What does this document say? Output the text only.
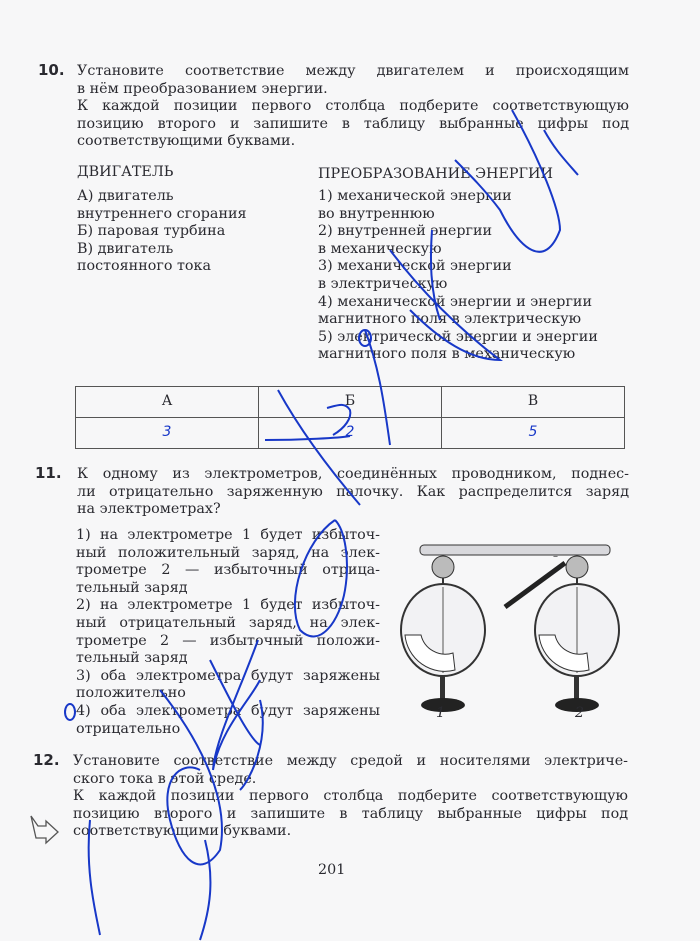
10. Установите соответствие между двигателем и происходящим
в нём преобразованием энергии.
К каждой позиции первого столбца подберите соответствующую
позицию второго и запишите в таблицу выбранные цифры под
соответствующими буквами.
ДВИГАТЕЛЬ	ПРЕОБРАЗОВАНИЕ ЭНЕРГИИ
А) двигатель
внутреннего сгорания
Б) паровая турбина
В) двигатель
постоянного тока
1) механической энергии
во внутреннюю
2) внутренней энергии
в механическую
3) механической энергии
в электрическую
4) механической энергии и энергии
магнитного поля в электрическую
5) электрической энергии и энергии
магнитного поля в механическую
А	Б	В
3	2	5
11. К одному из электрометров, соединённых проводником, поднес-
ли отрицательно заряженную палочку. Как распределится заряд
на электрометрах?
1) на электрометре 1 будет избыточ-
ный положительный заряд, на элек-
трометре 2 — избыточный отрица-
тельный заряд
2) на электрометре 1 будет избыточ-
ный отрицательный заряд, на элек-
трометре 2 — избыточный положи-
тельный заряд
3) оба электрометра будут заряжены
положительно
4) оба электрометра будут заряжены
отрицательно
–
1	2
12. Установите соответствие между средой и носителями электриче-
ского тока в этой среде.
К каждой позиции первого столбца подберите соответствующую
позицию второго и запишите в таблицу выбранные цифры под
соответствующими буквами.
201
